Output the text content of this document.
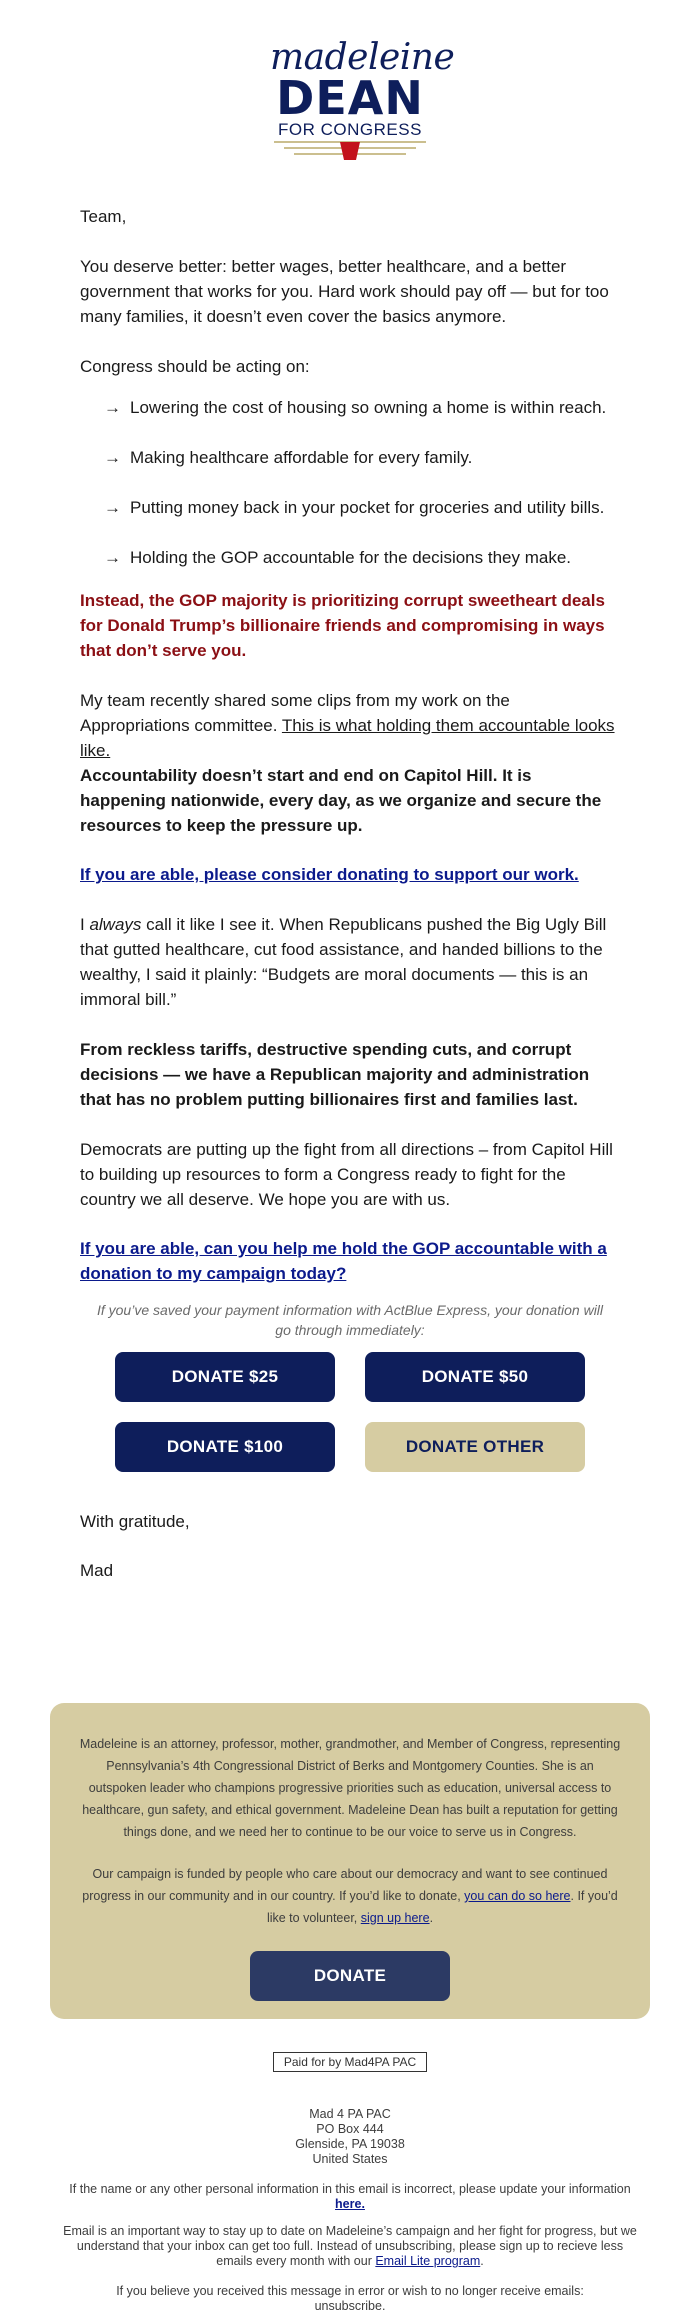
madeleine
DEAN
FOR CONGRESS
Team,
You deserve better: better wages, better healthcare, and a better government that works for you. Hard work should pay off — but for too many families, it doesn’t even cover the basics anymore.
Congress should be acting on:
→ Lowering the cost of housing so owning a home is within reach.
→ Making healthcare affordable for every family.
→ Putting money back in your pocket for groceries and utility bills.
→ Holding the GOP accountable for the decisions they make.
Instead, the GOP majority is prioritizing corrupt sweetheart deals for Donald Trump’s billionaire friends and compromising in ways that don’t serve you.
My team recently shared some clips from my work on the Appropriations committee. This is what holding them accountable looks like.
Accountability doesn’t start and end on Capitol Hill. It is happening nationwide, every day, as we organize and secure the resources to keep the pressure up.
If you are able, please consider donating to support our work.
I always call it like I see it. When Republicans pushed the Big Ugly Bill that gutted healthcare, cut food assistance, and handed billions to the wealthy, I said it plainly: “Budgets are moral documents — this is an immoral bill.”
From reckless tariffs, destructive spending cuts, and corrupt decisions — we have a Republican majority and administration that has no problem putting billionaires first and families last.
Democrats are putting up the fight from all directions – from Capitol Hill to building up resources to form a Congress ready to fight for the country we all deserve. We hope you are with us.
If you are able, can you help me hold the GOP accountable with a donation to my campaign today?
If you’ve saved your payment information with ActBlue Express, your donation will go through immediately:
DONATE $25	DONATE $50
DONATE $100	DONATE OTHER
With gratitude,
Mad
Madeleine is an attorney, professor, mother, grandmother, and Member of Congress, representing Pennsylvania’s 4th Congressional District of Berks and Montgomery Counties. She is an outspoken leader who champions progressive priorities such as education, universal access to healthcare, gun safety, and ethical government. Madeleine Dean has built a reputation for getting things done, and we need her to continue to be our voice to serve us in Congress.
Our campaign is funded by people who care about our democracy and want to see continued progress in our community and in our country. If you’d like to donate, you can do so here. If you’d like to volunteer, sign up here.
DONATE
Paid for by Mad4PA PAC
Mad 4 PA PAC
PO Box 444
Glenside, PA 19038
United States
If the name or any other personal information in this email is incorrect, please update your information
here.
Email is an important way to stay up to date on Madeleine’s campaign and her fight for progress, but we understand that your inbox can get too full. Instead of unsubscribing, please sign up to recieve less emails every month with our Email Lite program.
If you believe you received this message in error or wish to no longer receive emails:
unsubscribe.
